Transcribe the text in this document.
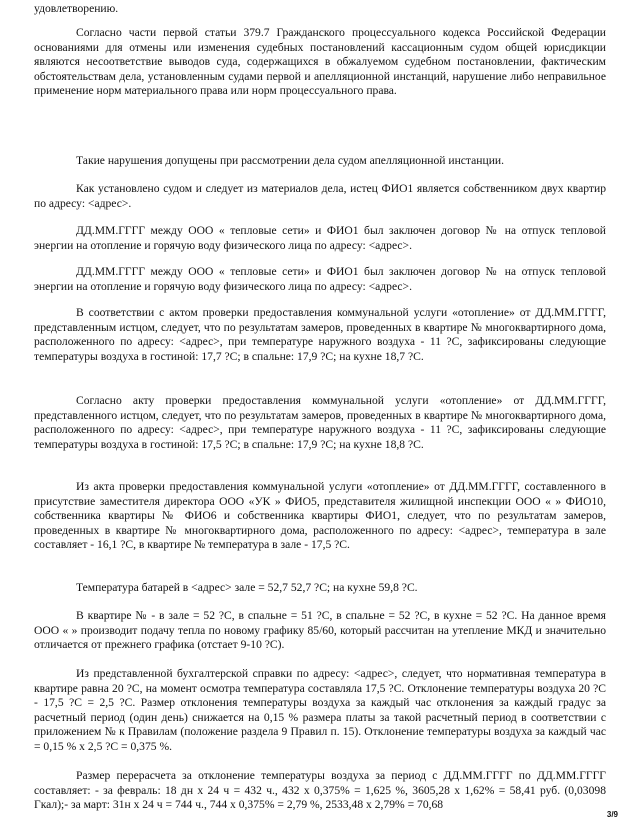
удовлетворению.

Согласно части первой статьи 379.7 Гражданского процессуального кодекса Российской Федерации основаниями для отмены или изменения судебных постановлений кассационным судом общей юрисдикции являются несоответствие выводов суда, содержащихся в обжалуемом судебном постановлении, фактическим обстоятельствам дела, установленным судами первой и апелляционной инстанций, нарушение либо неправильное применение норм материального права или норм процессуального права.

Такие нарушения допущены при рассмотрении дела судом апелляционной инстанции.

Как установлено судом и следует из материалов дела, истец ФИО1 является собственником двух квартир по адресу: <адрес>.

ДД.ММ.ГГГГ между ООО « тепловые сети» и ФИО1 был заключен договор № на отпуск тепловой энергии на отопление и горячую воду физического лица по адресу: <адрес>.

ДД.ММ.ГГГГ между ООО « тепловые сети» и ФИО1 был заключен договор № на отпуск тепловой энергии на отопление и горячую воду физического лица по адресу: <адрес>.

В соответствии с актом проверки предоставления коммунальной услуги «отопление» от ДД.ММ.ГГГГ, представленным истцом, следует, что по результатам замеров, проведенных в квартире № многоквартирного дома, расположенного по адресу: <адрес>, при температуре наружного воздуха - 11 ?С, зафиксированы следующие температуры воздуха в гостиной: 17,7 ?С; в спальне: 17,9 ?С; на кухне 18,7 ?С.

Согласно акту проверки предоставления коммунальной услуги «отопление» от ДД.ММ.ГГГГ, представленного истцом, следует, что по результатам замеров, проведенных в квартире № многоквартирного дома, расположенного по адресу: <адрес>, при температуре наружного воздуха - 11 ?С, зафиксированы следующие температуры воздуха в гостиной: 17,5 ?С; в спальне: 17,9 ?С; на кухне 18,8 ?С.

Из акта проверки предоставления коммунальной услуги «отопление» от ДД.ММ.ГГГГ, составленного в присутствие заместителя директора ООО «УК » ФИО5, представителя жилищной инспекции ООО « » ФИО10, собственника квартиры № ФИО6 и собственника квартиры ФИО1, следует, что по результатам замеров, проведенных в квартире № многоквартирного дома, расположенного по адресу: <адрес>, температура в зале составляет - 16,1 ?С, в квартире № температура в зале - 17,5 ?С.

Температура батарей в <адрес> зале = 52,7 52,7 ?С; на кухне 59,8 ?С.

В квартире № - в зале = 52 ?С, в спальне = 51 ?С, в спальне = 52 ?С, в кухне = 52 ?С. На данное время ООО « » производит подачу тепла по новому графику 85/60, который рассчитан на утепление МКД и значительно отличается от прежнего графика (отстает 9-10 ?С).

Из представленной бухгалтерской справки по адресу: <адрес>, следует, что нормативная температура в квартире равна 20 ?С, на момент осмотра температура составляла 17,5 ?С. Отклонение температуры воздуха 20 ?С - 17,5 ?С = 2,5 ?С. Размер отклонения температуры воздуха за каждый час отклонения за каждый градус за расчетный период (один день) снижается на 0,15 % размера платы за такой расчетный период в соответствии с приложением № к Правилам (положение раздела 9 Правил п. 15). Отклонение температуры воздуха за каждый час = 0,15 % х 2,5 ?С = 0,375 %.

Размер перерасчета за отклонение температуры воздуха за период с ДД.ММ.ГГГГ по ДД.ММ.ГГГГ составляет: - за февраль: 18 дн х 24 ч = 432 ч., 432 х 0,375% = 1,625 %, 3605,28 х 1,62% = 58,41 руб. (0,03098 Гкал);- за март: 31н х 24 ч = 744 ч., 744 х 0,375% = 2,79 %, 2533,48 х 2,79% = 70,68

3/9
